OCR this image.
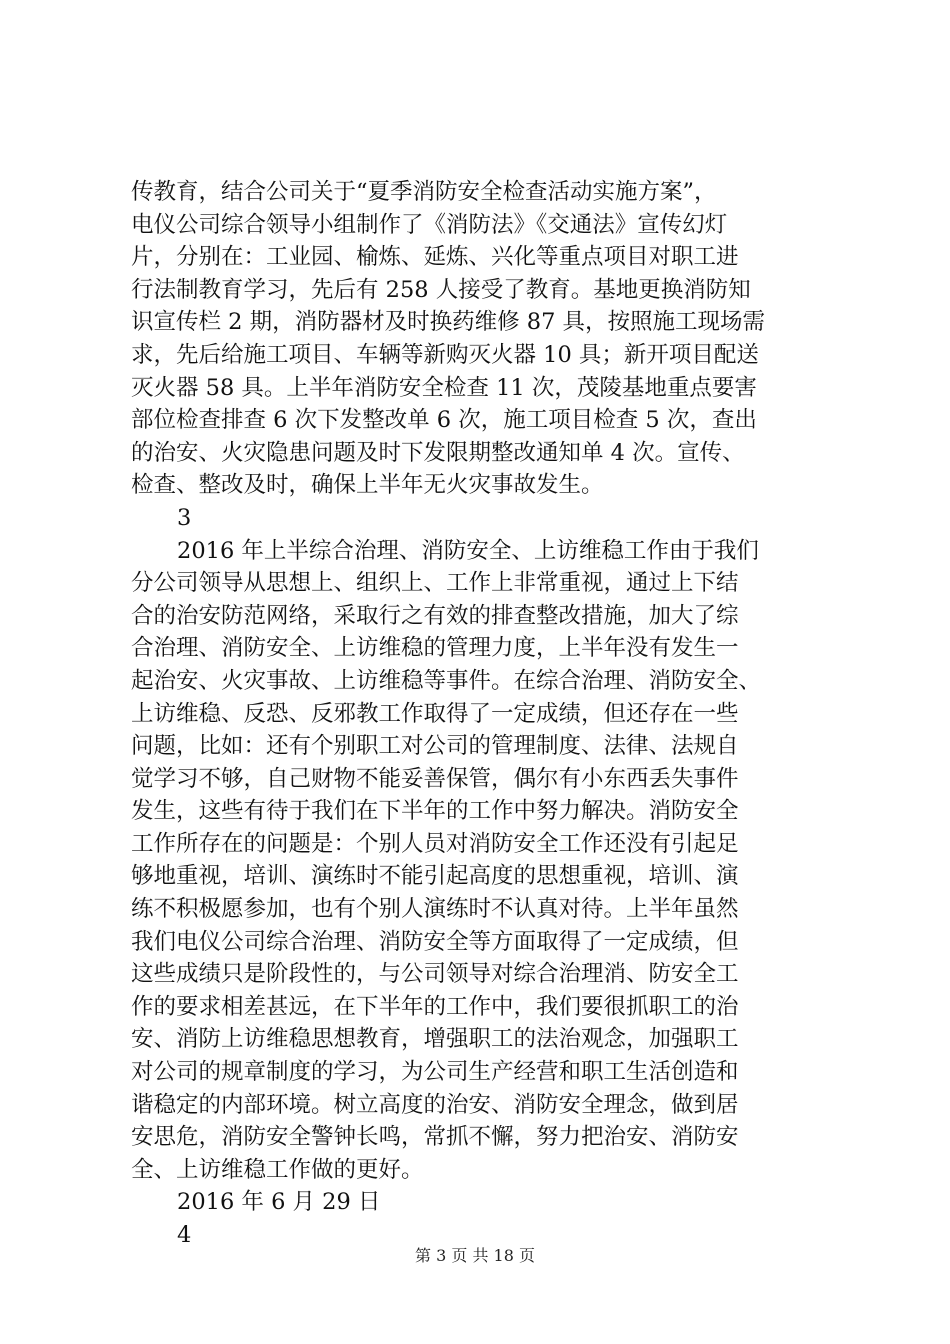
传教育，结合公司关于“夏季消防安全检查活动实施方案”，
电仪公司综合领导小组制作了《消防法》《交通法》宣传幻灯
片，分别在：工业园、榆炼、延炼、兴化等重点项目对职工进
行法制教育学习，先后有 258 人接受了教育。基地更换消防知
识宣传栏 2 期，消防器材及时换药维修 87 具，按照施工现场需
求，先后给施工项目、车辆等新购灭火器 10 具；新开项目配送
灭火器 58 具。上半年消防安全检查 11 次，茂陵基地重点要害
部位检查排查 6 次下发整改单 6 次，施工项目检查 5 次，查出
的治安、火灾隐患问题及时下发限期整改通知单 4 次。宣传、
检查、整改及时，确保上半年无火灾事故发生。
3
2016 年上半综合治理、消防安全、上访维稳工作由于我们
分公司领导从思想上、组织上、工作上非常重视，通过上下结
合的治安防范网络，采取行之有效的排查整改措施，加大了综
合治理、消防安全、上访维稳的管理力度，上半年没有发生一
起治安、火灾事故、上访维稳等事件。在综合治理、消防安全、
上访维稳、反恐、反邪教工作取得了一定成绩，但还存在一些
问题，比如：还有个别职工对公司的管理制度、法律、法规自
觉学习不够，自己财物不能妥善保管，偶尔有小东西丢失事件
发生，这些有待于我们在下半年的工作中努力解决。消防安全
工作所存在的问题是：个别人员对消防安全工作还没有引起足
够地重视，培训、演练时不能引起高度的思想重视，培训、演
练不积极愿参加，也有个别人演练时不认真对待。上半年虽然
我们电仪公司综合治理、消防安全等方面取得了一定成绩，但
这些成绩只是阶段性的，与公司领导对综合治理消、防安全工
作的要求相差甚远，在下半年的工作中，我们要很抓职工的治
安、消防上访维稳思想教育，增强职工的法治观念，加强职工
对公司的规章制度的学习，为公司生产经营和职工生活创造和
谐稳定的内部环境。树立高度的治安、消防安全理念，做到居
安思危，消防安全警钟长鸣，常抓不懈，努力把治安、消防安
全、上访维稳工作做的更好。
2016 年 6 月 29 日
4
第 3 页 共 18 页
